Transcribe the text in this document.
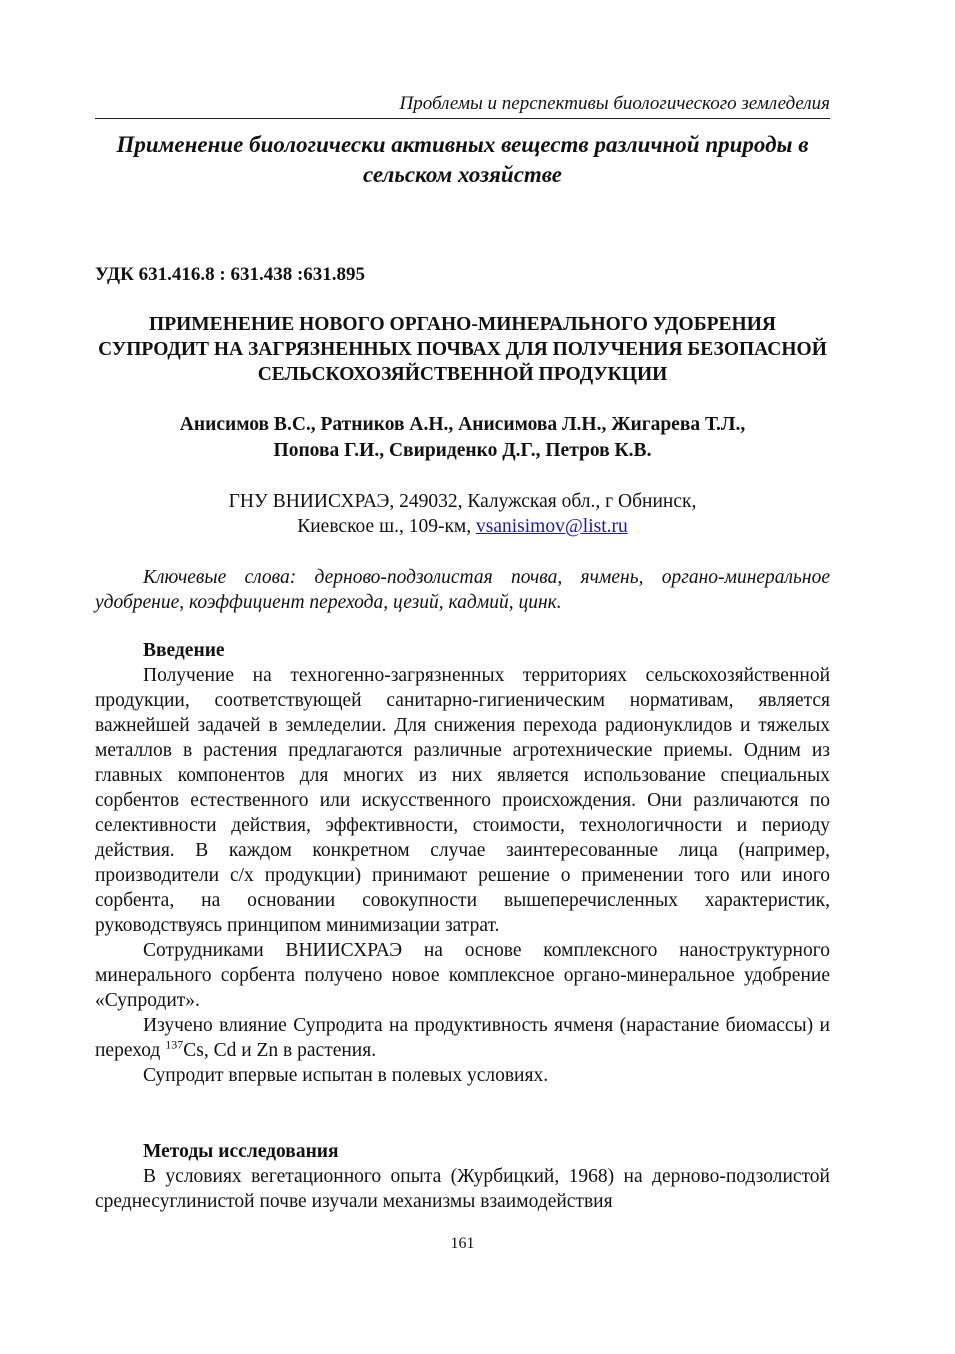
Проблемы и перспективы биологического земледелия
Применение биологически активных веществ различной природы в сельском хозяйстве
УДК 631.416.8 : 631.438 :631.895
ПРИМЕНЕНИЕ НОВОГО ОРГАНО-МИНЕРАЛЬНОГО УДОБРЕНИЯ СУПРОДИТ НА ЗАГРЯЗНЕННЫХ ПОЧВАХ ДЛЯ ПОЛУЧЕНИЯ БЕЗОПАСНОЙ СЕЛЬСКОХОЗЯЙСТВЕННОЙ ПРОДУКЦИИ
Анисимов В.С., Ратников А.Н., Анисимова Л.Н., Жигарева Т.Л.,
Попова Г.И., Свириденко Д.Г., Петров К.В.
ГНУ ВНИИСХРАЭ, 249032, Калужская обл., г Обнинск,
Киевское ш., 109-км, vsanisimov@list.ru
Ключевые слова: дерново-подзолистая почва, ячмень, органо-минеральное удобрение, коэффициент перехода, цезий, кадмий, цинк.
Введение

Получение на техногенно-загрязненных территориях сельскохозяйственной продукции, соответствующей санитарно-гигиеническим нормативам, является важнейшей задачей в земледелии. Для снижения перехода радионуклидов и тяжелых металлов в растения предлагаются различные агротехнические приемы. Одним из главных компонентов для многих из них является использование специальных сорбентов естественного или искусственного происхождения. Они различаются по селективности действия, эффективности, стоимости, технологичности и периоду действия. В каждом конкретном случае заинтересованные лица (например, производители с/х продукции) принимают решение о применении того или иного сорбента, на основании совокупности вышеперечисленных характеристик, руководствуясь принципом минимизации затрат.

Сотрудниками ВНИИСХРАЭ на основе комплексного наноструктурного минерального сорбента получено новое комплексное органо-минеральное удобрение «Супродит».

Изучено влияние Супродита на продуктивность ячменя (нарастание биомассы) и переход $^{137}$Cs, Cd и Zn в растения.

Супродит впервые испытан в полевых условиях.

Методы исследования

В условиях вегетационного опыта (Журбицкий, 1968) на дерново-подзолистой среднесуглинистой почве изучали механизмы взаимодействия

161
